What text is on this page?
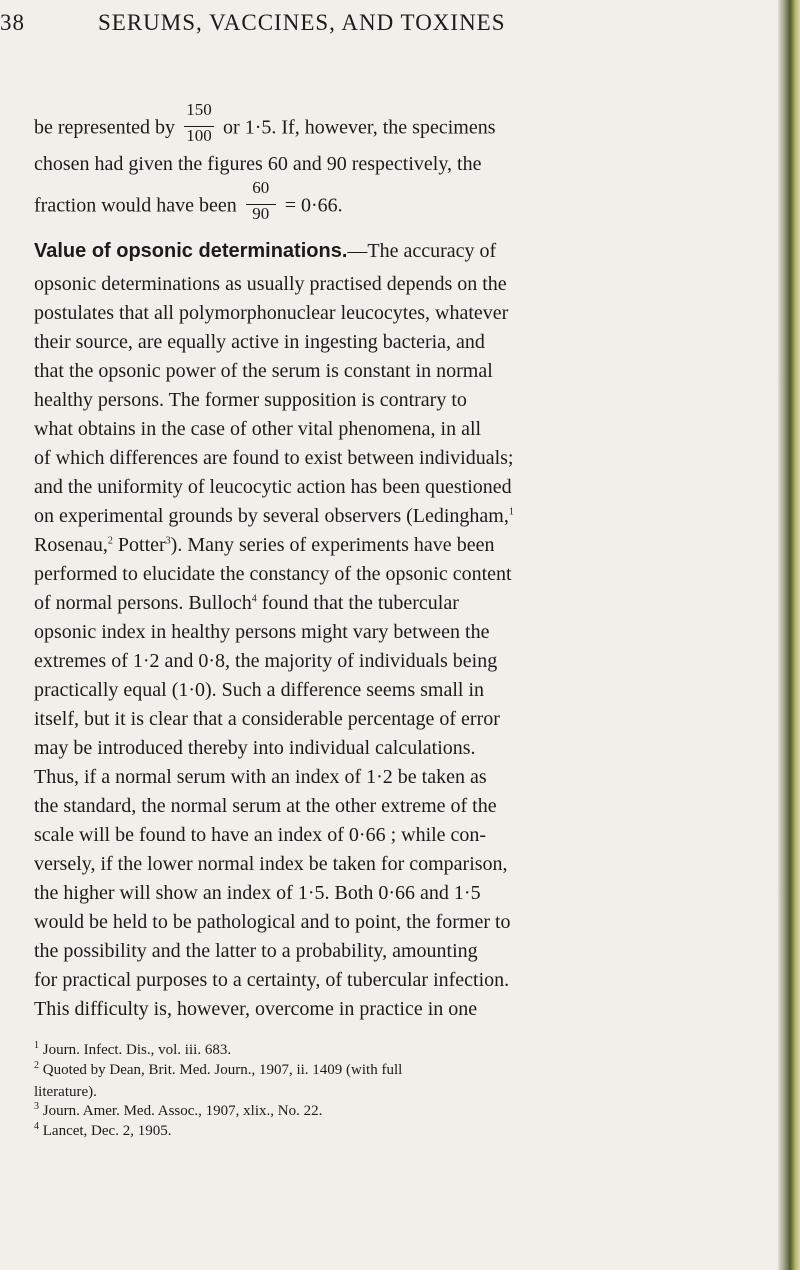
38	SERUMS, VACCINES, AND TOXINES
be represented by $\frac{150}{100}$ or 1·5. If, however, the specimens
chosen had given the figures 60 and 90 respectively, the
fraction would have been $\frac{60}{90} = 0\cdot 66$.
Value of opsonic determinations.—The accuracy of
opsonic determinations as usually practised depends on the
postulates that all polymorphonuclear leucocytes, whatever
their source, are equally active in ingesting bacteria, and
that the opsonic power of the serum is constant in normal
healthy persons. The former supposition is contrary to
what obtains in the case of other vital phenomena, in all
of which differences are found to exist between individuals;
and the uniformity of leucocytic action has been questioned
on experimental grounds by several observers (Ledingham,$^1$
Rosenau,$^2$ Potter$^3$). Many series of experiments have been
performed to elucidate the constancy of the opsonic content
of normal persons. Bulloch$^4$ found that the tubercular
opsonic index in healthy persons might vary between the
extremes of 1·2 and 0·8, the majority of individuals being
practically equal (1·0). Such a difference seems small in
itself, but it is clear that a considerable percentage of error
may be introduced thereby into individual calculations.
Thus, if a normal serum with an index of 1·2 be taken as
the standard, the normal serum at the other extreme of the
scale will be found to have an index of 0·66 ; while con-
versely, if the lower normal index be taken for comparison,
the higher will show an index of 1·5. Both 0·66 and 1·5
would be held to be pathological and to point, the former to
the possibility and the latter to a probability, amounting
for practical purposes to a certainty, of tubercular infection.
This difficulty is, however, overcome in practice in one
$^1$ Journ. Infect. Dis., vol. iii. 683.
$^2$ Quoted by Dean, Brit. Med. Journ., 1907, ii. 1409 (with full
literature).
$^3$ Journ. Amer. Med. Assoc., 1907, xlix., No. 22.
$^4$ Lancet, Dec. 2, 1905.
